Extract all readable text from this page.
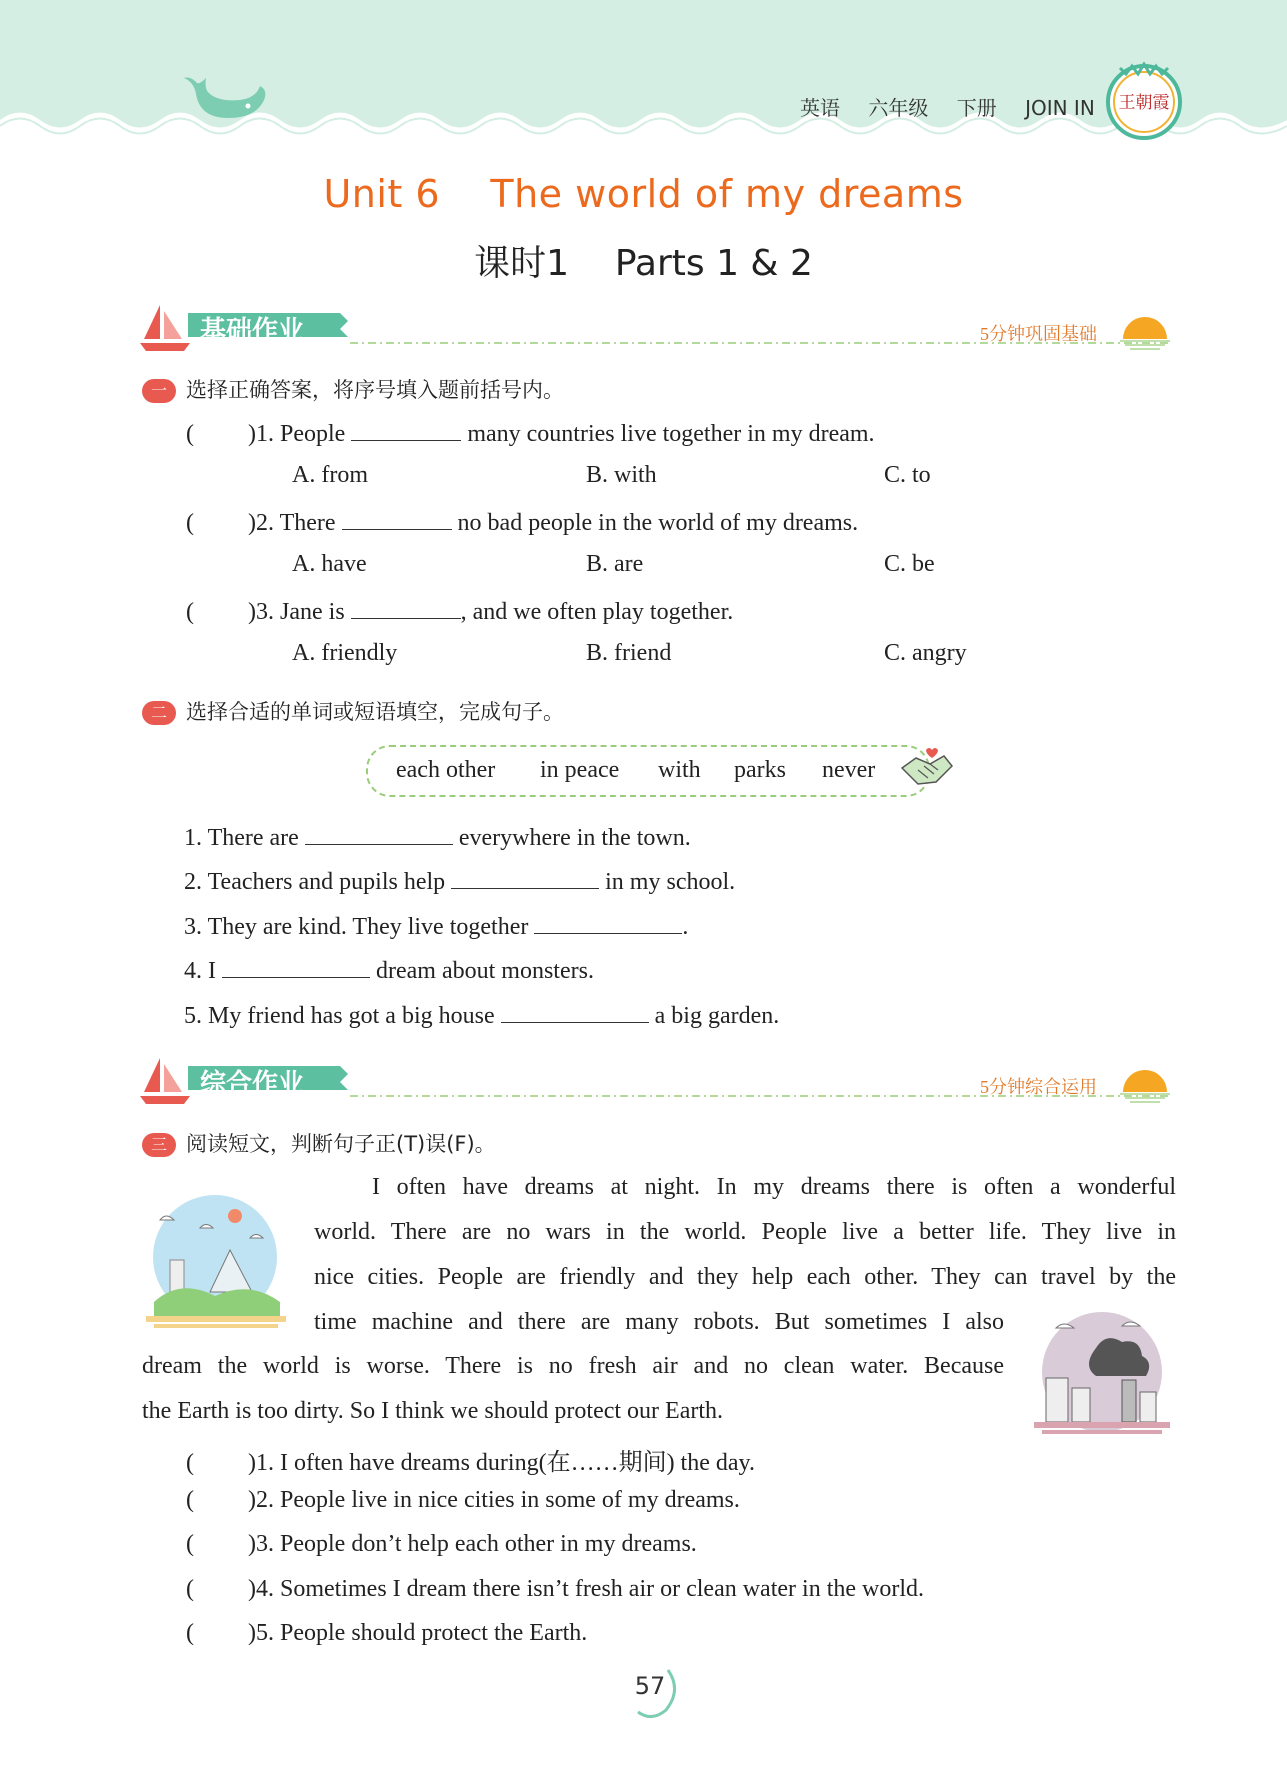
英语 六年级 下册 JOIN IN	王朝霞
Unit 6    The world of my dreams
课时1    Parts 1 & 2
基础作业	5分钟巩固基础
一 选择正确答案，将序号填入题前括号内。
( )1. People	many countries live together in my dream.
A. from	B. with	C. to
( )2. There	no bad people in the world of my dreams.
A. have	B. are	C. be
( )3. Jane is	, and we often play together.
A. friendly	B. friend	C. angry
二 选择合适的单词或短语填空，完成句子。
each other in peace with parks never
1. There are	everywhere in the town.
2. Teachers and pupils help	in my school.
3. They are kind. They live together	.
4. I	dream about monsters.
5. My friend has got a big house	a big garden.
综合作业	5分钟综合运用
三 阅读短文，判断句子正(T)误(F)。
I often have dreams at night. In my dreams there is often a wonderful
world. There are no wars in the world. People live a better life. They live in
nice cities. People are friendly and they help each other. They can travel by the
time machine and there are many robots. But sometimes I also
dream the world is worse. There is no fresh air and no clean water. Because
the Earth is too dirty. So I think we should protect our Earth.
( )1. I often have dreams during(在……期间) the day.
( )2. People live in nice cities in some of my dreams.
( )3. People don’t help each other in my dreams.
( )4. Sometimes I dream there isn’t fresh air or clean water in the world.
( )5. People should protect the Earth.
57
